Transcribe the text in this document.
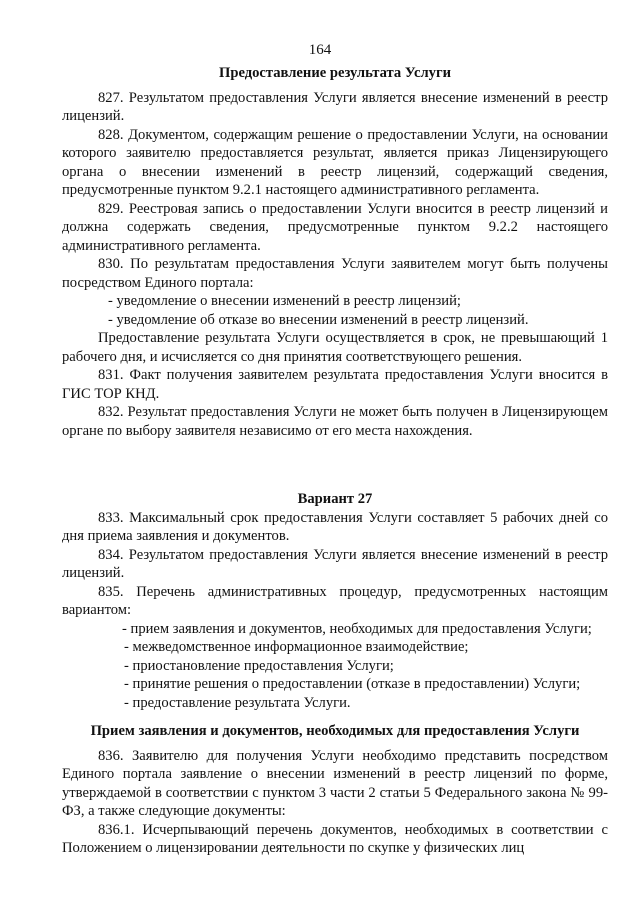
164
Предоставление результата Услуги
827. Результатом предоставления Услуги является внесение изменений в реестр лицензий.
828. Документом, содержащим решение о предоставлении Услуги, на основании которого заявителю предоставляется результат, является приказ Лицензирующего органа о внесении изменений в реестр лицензий, содержащий сведения, предусмотренные пунктом 9.2.1 настоящего административного регламента.
829. Реестровая запись о предоставлении Услуги вносится в реестр лицензий и должна содержать сведения, предусмотренные пунктом 9.2.2 настоящего административного регламента.
830. По результатам предоставления Услуги заявителем могут быть получены посредством Единого портала:
- уведомление о внесении изменений в реестр лицензий;
- уведомление об отказе во внесении изменений в реестр лицензий.
Предоставление результата Услуги осуществляется в срок, не превышающий 1 рабочего дня, и исчисляется со дня принятия соответствующего решения.
831. Факт получения заявителем результата предоставления Услуги вносится в ГИС ТОР КНД.
832. Результат предоставления Услуги не может быть получен в Лицензирующем органе по выбору заявителя независимо от его места нахождения.
Вариант 27
833. Максимальный срок предоставления Услуги составляет 5 рабочих дней со дня приема заявления и документов.
834. Результатом предоставления Услуги является внесение изменений в реестр лицензий.
835. Перечень административных процедур, предусмотренных настоящим вариантом:
- прием заявления и документов, необходимых для предоставления Услуги;
- межведомственное информационное взаимодействие;
- приостановление предоставления Услуги;
- принятие решения о предоставлении (отказе в предоставлении) Услуги;
- предоставление результата Услуги.
Прием заявления и документов, необходимых для предоставления Услуги
836. Заявителю для получения Услуги необходимо представить посредством Единого портала заявление о внесении изменений в реестр лицензий по форме, утверждаемой в соответствии с пунктом 3 части 2 статьи 5 Федерального закона № 99-ФЗ, а также следующие документы:
836.1. Исчерпывающий перечень документов, необходимых в соответствии с Положением о лицензировании деятельности по скупке у физических лиц
